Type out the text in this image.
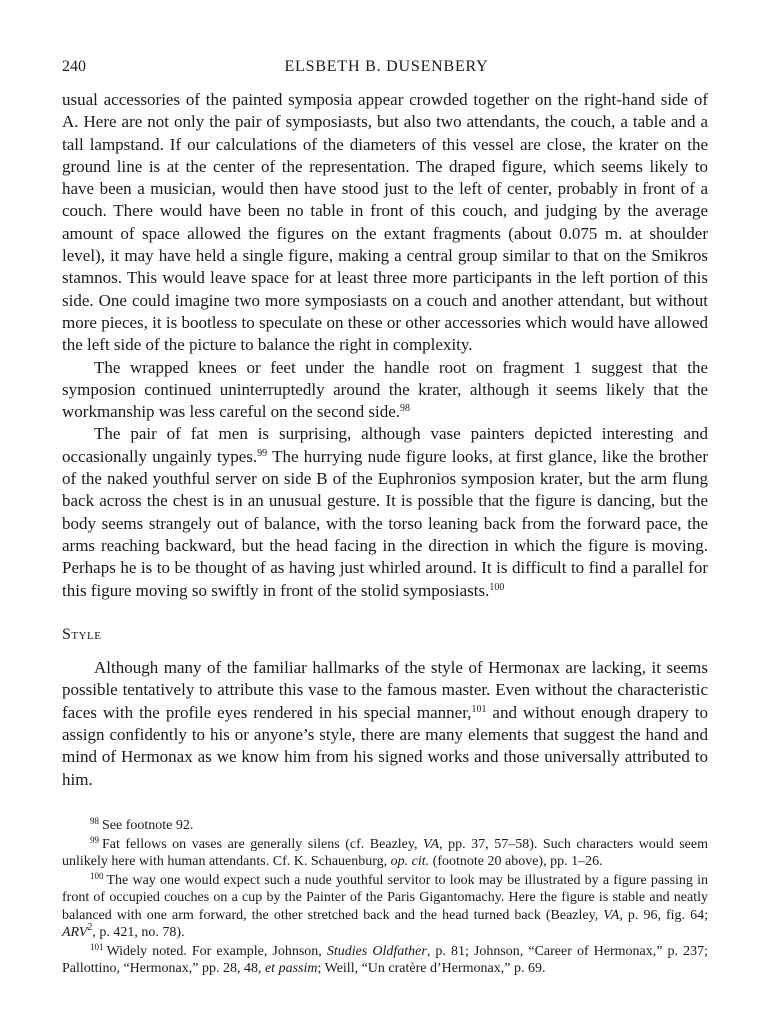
240	ELSBETH B. DUSENBERY

usual accessories of the painted symposia appear crowded together on the right-hand side of A. Here are not only the pair of symposiasts, but also two attendants, the couch, a table and a tall lampstand. If our calculations of the diameters of this vessel are close, the krater on the ground line is at the center of the representation. The draped figure, which seems likely to have been a musician, would then have stood just to the left of center, probably in front of a couch. There would have been no table in front of this couch, and judging by the average amount of space allowed the figures on the extant fragments (about 0.075 m. at shoulder level), it may have held a single figure, making a central group similar to that on the Smikros stamnos. This would leave space for at least three more participants in the left portion of this side. One could imagine two more symposiasts on a couch and another attendant, but without more pieces, it is bootless to speculate on these or other accessories which would have allowed the left side of the picture to balance the right in complexity.

The wrapped knees or feet under the handle root on fragment 1 suggest that the symposion continued uninterruptedly around the krater, although it seems likely that the workmanship was less careful on the second side.$^{98}$

The pair of fat men is surprising, although vase painters depicted interesting and occasionally ungainly types.$^{99}$ The hurrying nude figure looks, at first glance, like the brother of the naked youthful server on side B of the Euphronios symposion krater, but the arm flung back across the chest is in an unusual gesture. It is possible that the figure is dancing, but the body seems strangely out of balance, with the torso leaning back from the forward pace, the arms reaching backward, but the head facing in the direction in which the figure is moving. Perhaps he is to be thought of as having just whirled around. It is difficult to find a parallel for this figure moving so swiftly in front of the stolid symposiasts.$^{100}$

Style

Although many of the familiar hallmarks of the style of Hermonax are lacking, it seems possible tentatively to attribute this vase to the famous master. Even without the characteristic faces with the profile eyes rendered in his special manner,$^{101}$ and without enough drapery to assign confidently to his or anyone’s style, there are many elements that suggest the hand and mind of Hermonax as we know him from his signed works and those universally attributed to him.

$^{98}$ See footnote 92.

$^{99}$ Fat fellows on vases are generally silens (cf. Beazley, VA, pp. 37, 57–58). Such characters would seem unlikely here with human attendants. Cf. K. Schauenburg, op. cit. (footnote 20 above), pp. 1–26.

$^{100}$ The way one would expect such a nude youthful servitor to look may be illustrated by a figure passing in front of occupied couches on a cup by the Painter of the Paris Gigantomachy. Here the figure is stable and neatly balanced with one arm forward, the other stretched back and the head turned back (Beazley, VA, p. 96, fig. 64; ARV$^2$, p. 421, no. 78).

$^{101}$ Widely noted. For example, Johnson, Studies Oldfather, p. 81; Johnson, “Career of Hermonax,” p. 237; Pallottino, “Hermonax,” pp. 28, 48, et passim; Weill, “Un cratère d’Hermonax,” p. 69.
